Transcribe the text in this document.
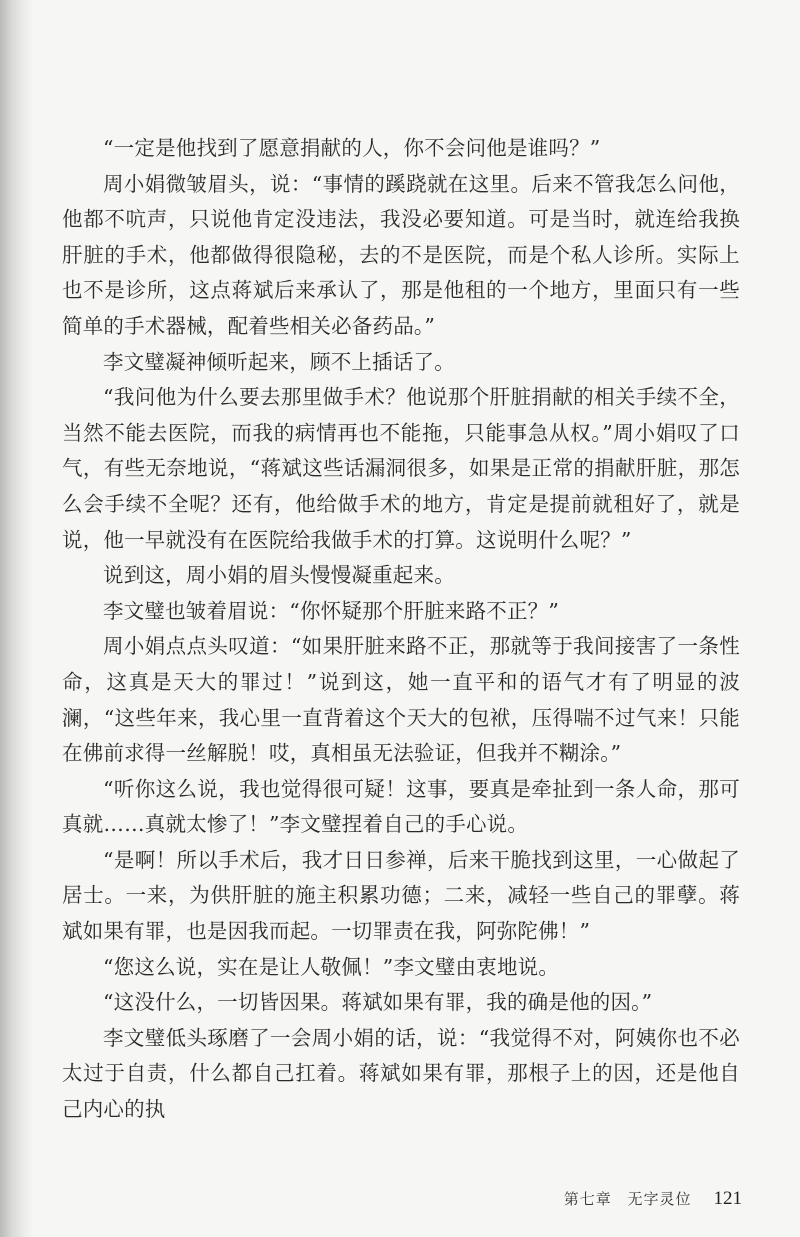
“一定是他找到了愿意捐献的人，你不会问他是谁吗？”

周小娟微皱眉头，说：“事情的蹊跷就在这里。后来不管我怎么问他，他都不吭声，只说他肯定没违法，我没必要知道。可是当时，就连给我换肝脏的手术，他都做得很隐秘，去的不是医院，而是个私人诊所。实际上也不是诊所，这点蒋斌后来承认了，那是他租的一个地方，里面只有一些简单的手术器械，配着些相关必备药品。”

李文璧凝神倾听起来，顾不上插话了。

“我问他为什么要去那里做手术？他说那个肝脏捐献的相关手续不全，当然不能去医院，而我的病情再也不能拖，只能事急从权。”周小娟叹了口气，有些无奈地说，“蒋斌这些话漏洞很多，如果是正常的捐献肝脏，那怎么会手续不全呢？还有，他给做手术的地方，肯定是提前就租好了，就是说，他一早就没有在医院给我做手术的打算。这说明什么呢？”

说到这，周小娟的眉头慢慢凝重起来。

李文璧也皱着眉说：“你怀疑那个肝脏来路不正？”

周小娟点点头叹道：“如果肝脏来路不正，那就等于我间接害了一条性命，这真是天大的罪过！”说到这，她一直平和的语气才有了明显的波澜，“这些年来，我心里一直背着这个天大的包袱，压得喘不过气来！只能在佛前求得一丝解脱！哎，真相虽无法验证，但我并不糊涂。”

“听你这么说，我也觉得很可疑！这事，要真是牵扯到一条人命，那可真就……真就太惨了！”李文璧捏着自己的手心说。

“是啊！所以手术后，我才日日参禅，后来干脆找到这里，一心做起了居士。一来，为供肝脏的施主积累功德；二来，减轻一些自己的罪孽。蒋斌如果有罪，也是因我而起。一切罪责在我，阿弥陀佛！”

“您这么说，实在是让人敬佩！”李文璧由衷地说。

“这没什么，一切皆因果。蒋斌如果有罪，我的确是他的因。”

李文璧低头琢磨了一会周小娟的话，说：“我觉得不对，阿姨你也不必太过于自责，什么都自己扛着。蒋斌如果有罪，那根子上的因，还是他自己内心的执

第七章 无字灵位 121
